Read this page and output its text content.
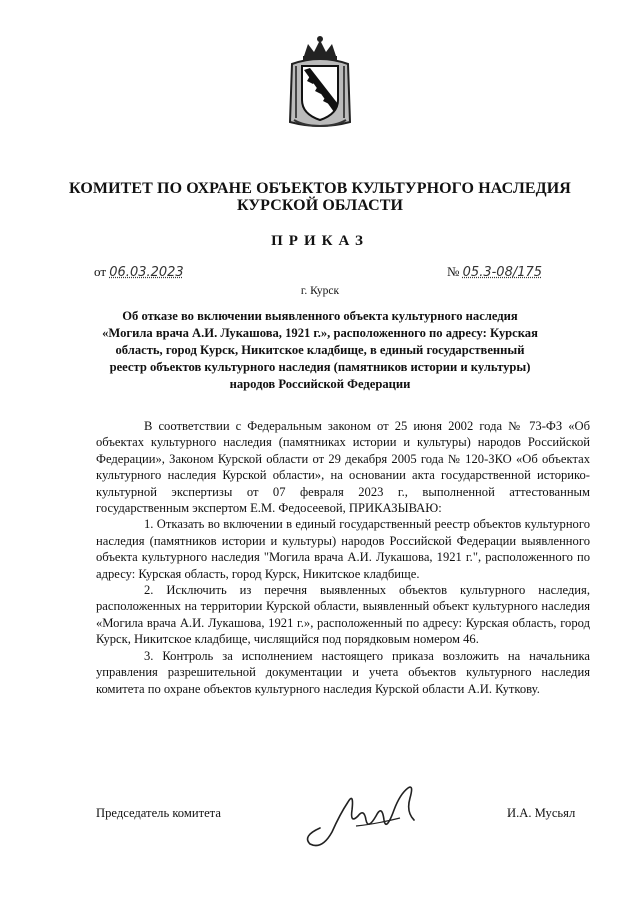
КОМИТЕТ ПО ОХРАНЕ ОБЪЕКТОВ КУЛЬТУРНОГО НАСЛЕДИЯ
КУРСКОЙ ОБЛАСТИ
ПРИКАЗ
от 06.03.2023	№ 05.3-08/175
г. Курск
Об отказе во включении выявленного объекта культурного наследия «Могила врача А.И. Лукашова, 1921 г.», расположенного по адресу: Курская область, город Курск, Никитское кладбище, в единый государственный реестр объектов культурного наследия (памятников истории и культуры) народов Российской Федерации

В соответствии с Федеральным законом от 25 июня 2002 года № 73-ФЗ «Об объектах культурного наследия (памятниках истории и культуры) народов Российской Федерации», Законом Курской области от 29 декабря 2005 года № 120-ЗКО «Об объектах культурного наследия Курской области», на основании акта государственной историко-культурной экспертизы от 07 февраля 2023 г., выполненной аттестованным государственным экспертом Е.М. Федосеевой, ПРИКАЗЫВАЮ:

1. Отказать во включении в единый государственный реестр объектов культурного наследия (памятников истории и культуры) народов Российской Федерации выявленного объекта культурного наследия "Могила врача А.И. Лукашова, 1921 г.", расположенного по адресу: Курская область, город Курск, Никитское кладбище.

2. Исключить из перечня выявленных объектов культурного наследия, расположенных на территории Курской области, выявленный объект культурного наследия «Могила врача А.И. Лукашова, 1921 г.», расположенный по адресу: Курская область, город Курск, Никитское кладбище, числящийся под порядковым номером 46.

3. Контроль за исполнением настоящего приказа возложить на начальника управления разрешительной документации и учета объектов культурного наследия комитета по охране объектов культурного наследия Курской области А.И. Куткову.

Председатель комитета	И.А. Мусьял
